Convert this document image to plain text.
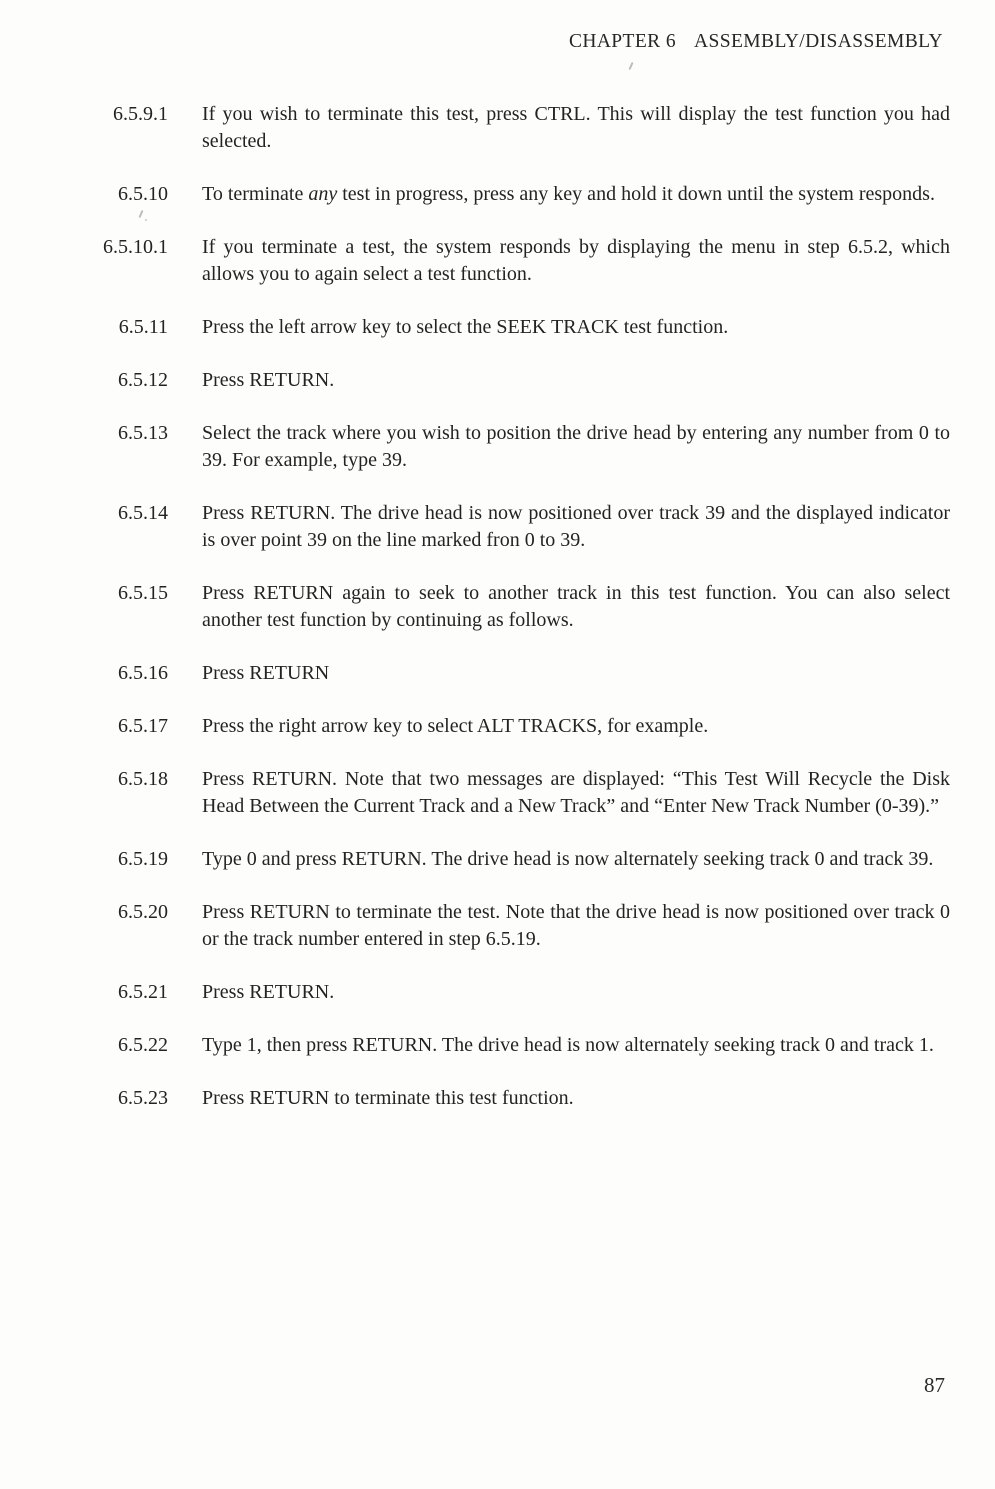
CHAPTER 6 ASSEMBLY/DISASSEMBLY
6.5.9.1 If you wish to terminate this test, press CTRL. This will display the test function you had selected.
6.5.10 To terminate any test in progress, press any key and hold it down until the system responds.
6.5.10.1 If you terminate a test, the system responds by displaying the menu in step 6.5.2, which allows you to again select a test function.
6.5.11 Press the left arrow key to select the SEEK TRACK test function.
6.5.12 Press RETURN.
6.5.13 Select the track where you wish to position the drive head by entering any number from 0 to 39. For example, type 39.
6.5.14 Press RETURN. The drive head is now positioned over track 39 and the displayed indicator is over point 39 on the line marked fron 0 to 39.
6.5.15 Press RETURN again to seek to another track in this test function. You can also select another test function by continuing as follows.
6.5.16 Press RETURN
6.5.17 Press the right arrow key to select ALT TRACKS, for example.
6.5.18 Press RETURN. Note that two messages are displayed: “This Test Will Recycle the Disk Head Between the Current Track and a New Track” and “Enter New Track Number (0-39).”
6.5.19 Type 0 and press RETURN. The drive head is now alternately seeking track 0 and track 39.
6.5.20 Press RETURN to terminate the test. Note that the drive head is now positioned over track 0 or the track number entered in step 6.5.19.
6.5.21 Press RETURN.
6.5.22 Type 1, then press RETURN. The drive head is now alternately seeking track 0 and track 1.
6.5.23 Press RETURN to terminate this test function.
87
